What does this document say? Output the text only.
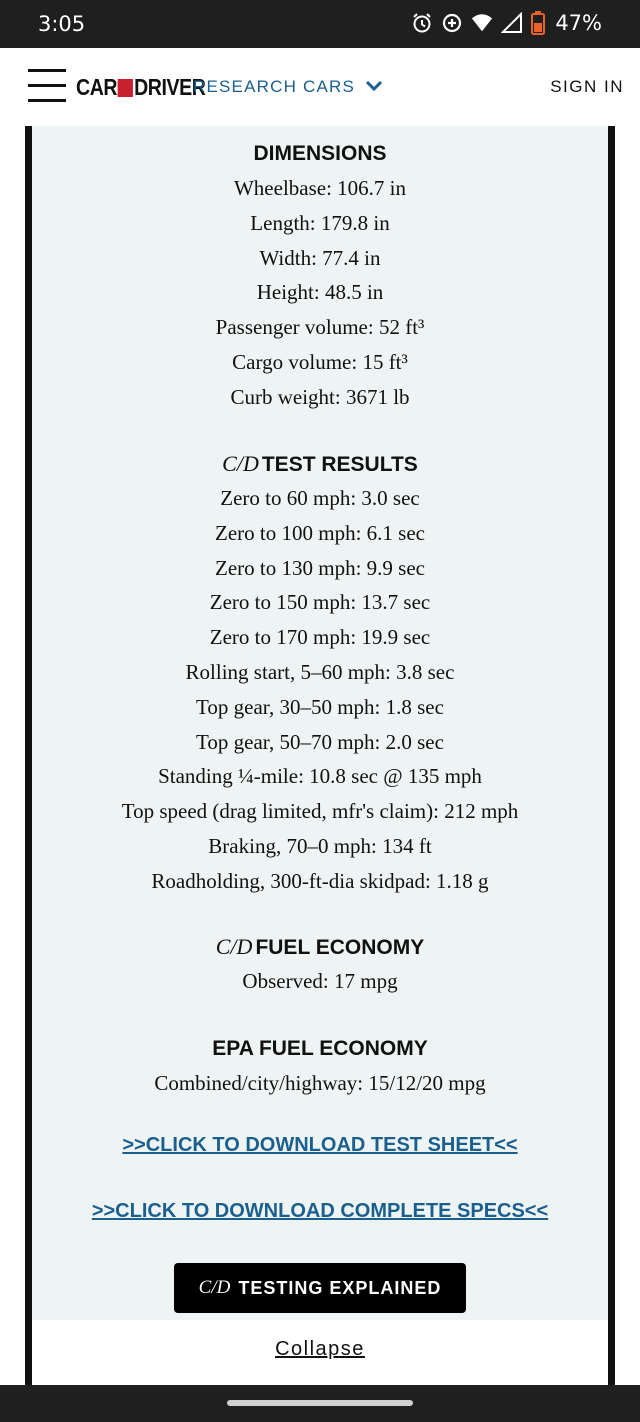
3:05	47%
CAR DRIVER
RESEARCH CARS	SIGN IN
DIMENSIONS
Wheelbase: 106.7 in
Length: 179.8 in
Width: 77.4 in
Height: 48.5 in
Passenger volume: 52 ft³
Cargo volume: 15 ft³
Curb weight: 3671 lb
C/D TEST RESULTS
Zero to 60 mph: 3.0 sec
Zero to 100 mph: 6.1 sec
Zero to 130 mph: 9.9 sec
Zero to 150 mph: 13.7 sec
Zero to 170 mph: 19.9 sec
Rolling start, 5–60 mph: 3.8 sec
Top gear, 30–50 mph: 1.8 sec
Top gear, 50–70 mph: 2.0 sec
Standing ¼-mile: 10.8 sec @ 135 mph
Top speed (drag limited, mfr's claim): 212 mph
Braking, 70–0 mph: 134 ft
Roadholding, 300-ft-dia skidpad: 1.18 g
C/D FUEL ECONOMY
Observed: 17 mpg
EPA FUEL ECONOMY
Combined/city/highway: 15/12/20 mpg
>>CLICK TO DOWNLOAD TEST SHEET<<
>>CLICK TO DOWNLOAD COMPLETE SPECS<<
C/D TESTING EXPLAINED
Collapse
